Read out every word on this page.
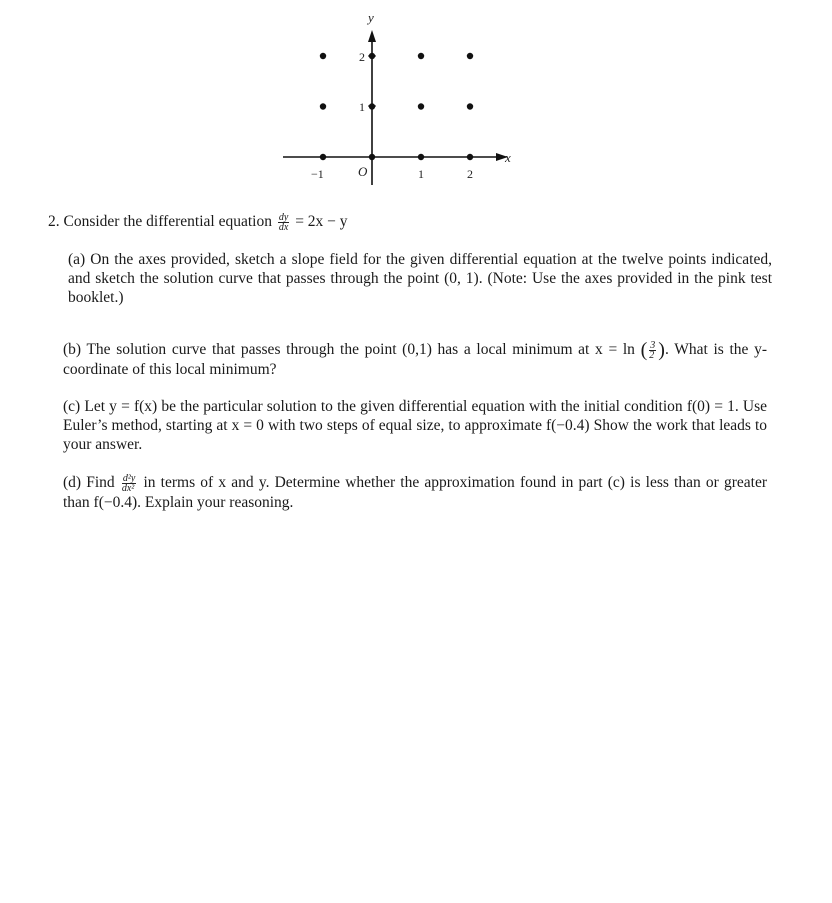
y
x
−1	1	2
1
2
O
2. Consider the differential equation $\frac{dy}{dx} = 2x - y$
(a) On the axes provided, sketch a slope field for the given differential equation at the twelve points indicated, and sketch the solution curve that passes through the point (0, 1). (Note: Use the axes provided in the pink test booklet.)
(b) The solution curve that passes through the point (0,1) has a local minimum at x = ln ( $\frac{3}{2}$ ). What is the y-coordinate of this local minimum?
(c) Let y = f(x) be the particular solution to the given differential equation with the initial condition f(0) = 1. Use Euler’s method, starting at x = 0 with two steps of equal size, to approximate f(−0.4) Show the work that leads to your answer.
(d) Find $\frac{\text{d²y}}{\text{dx²}}$ in terms of x and y. Determine whether the approximation found in part (c) is less than or greater than f(−0.4). Explain your reasoning.
